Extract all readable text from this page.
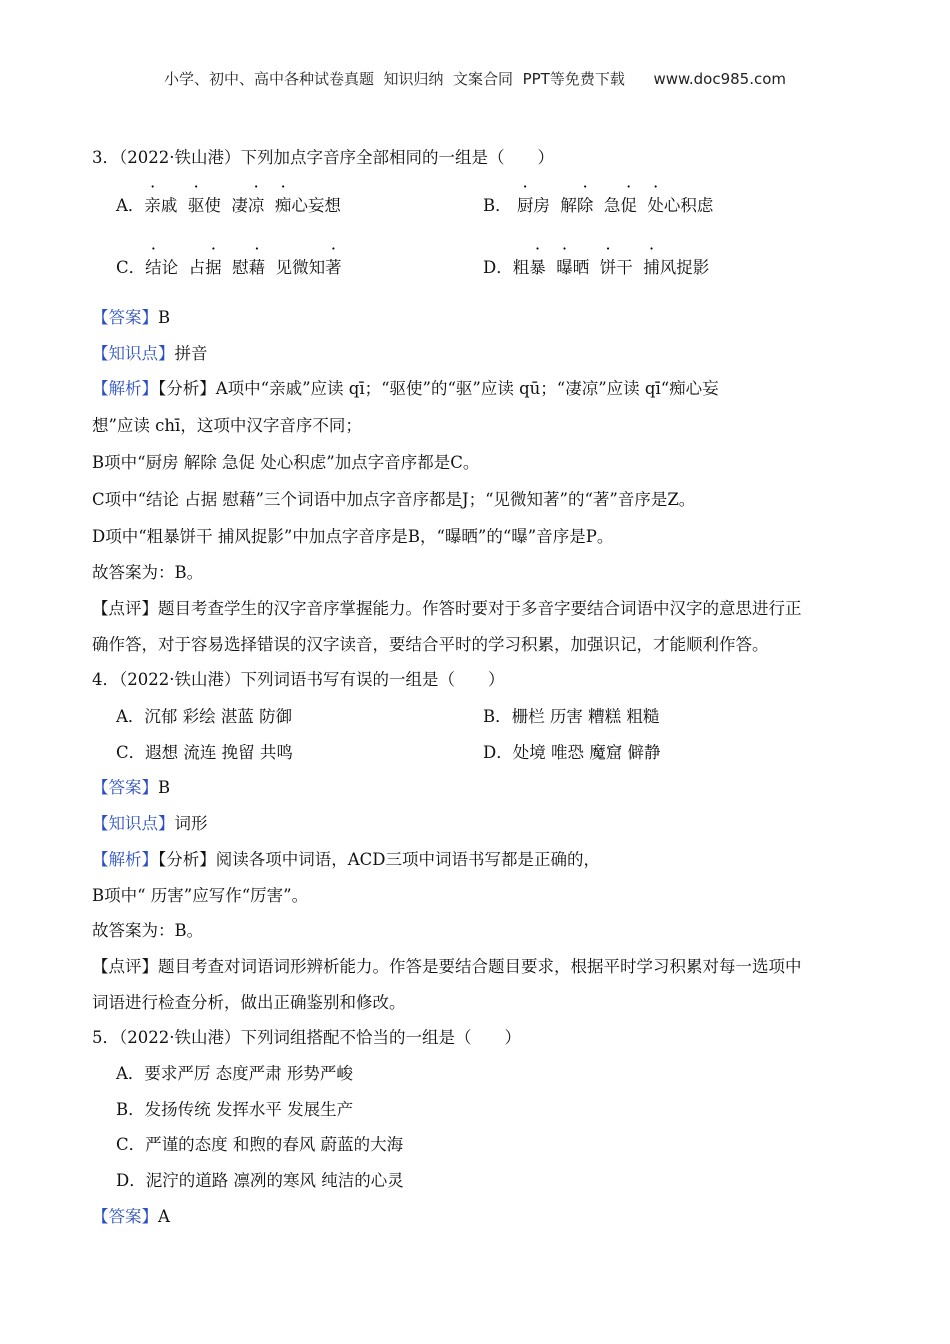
小学、初中、高中各种试卷真题  知识归纳  文案合同  PPT等免费下载      www.doc985.com
3．（2022·铁山港）下列加点字音序全部相同的一组是（　　）
A．亲戚 驱使 凄凉 痴心妄想	B． 厨房 解除 急促 处心积虑
C．结论 占据 慰藉 见微知著	D．粗暴 曝晒 饼干 捕风捉影
【答案】B
【知识点】拼音
【解析】【分析】A项中“亲戚”应读 qī；“驱使”的“驱”应读 qū；“凄凉”应读 qī“痴心妄
想”应读 chī，这项中汉字音序不同；
B项中“厨房 解除 急促 处心积虑”加点字音序都是C。
C项中“结论 占据 慰藉”三个词语中加点字音序都是J；“见微知著”的“著”音序是Z。
D项中“粗暴饼干 捕风捉影”中加点字音序是B，“曝晒”的“曝”音序是P。
故答案为：B。
【点评】题目考查学生的汉字音序掌握能力。作答时要对于多音字要结合词语中汉字的意思进行正
确作答，对于容易选择错误的汉字读音，要结合平时的学习积累，加强识记，才能顺利作答。
4．（2022·铁山港）下列词语书写有误的一组是（　　）
A．沉郁 彩绘 湛蓝 防御	B．栅栏 历害 糟糕 粗糙
C．遐想 流连 挽留 共鸣	D．处境 唯恐 魔窟 僻静
【答案】B
【知识点】词形
【解析】【分析】阅读各项中词语，ACD三项中词语书写都是正确的，
B项中“ 历害”应写作“厉害”。
故答案为：B。
【点评】题目考查对词语词形辨析能力。作答是要结合题目要求，根据平时学习积累对每一选项中
词语进行检查分析，做出正确鉴别和修改。
5．（2022·铁山港）下列词组搭配不恰当的一组是（　　）
A．要求严厉 态度严肃 形势严峻
B．发扬传统 发挥水平 发展生产
C．严谨的态度 和煦的春风 蔚蓝的大海
D．泥泞的道路 凛冽的寒风 纯洁的心灵
【答案】A
